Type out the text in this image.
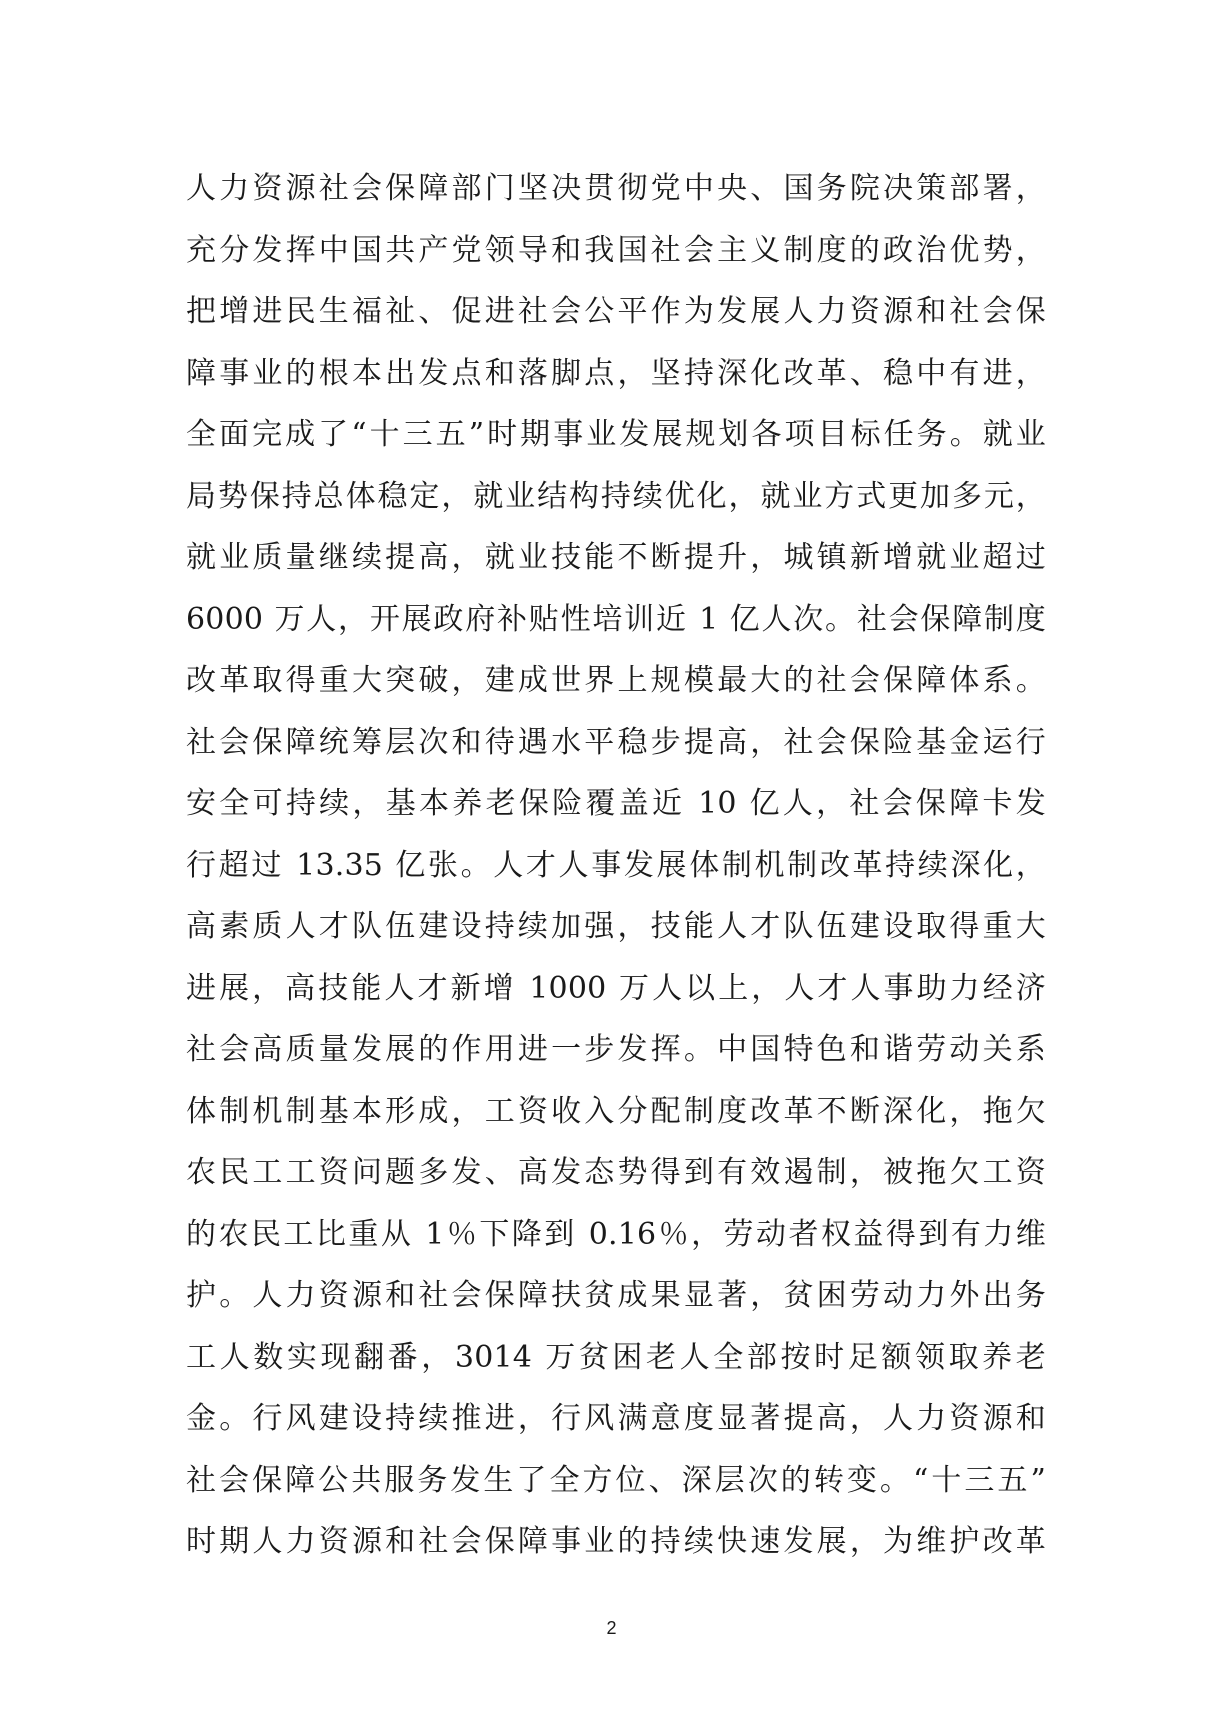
人力资源社会保障部门坚决贯彻党中央、国务院决策部署，
充分发挥中国共产党领导和我国社会主义制度的政治优势，
把增进民生福祉、促进社会公平作为发展人力资源和社会保
障事业的根本出发点和落脚点，坚持深化改革、稳中有进，
全面完成了“十三五”时期事业发展规划各项目标任务。就业
局势保持总体稳定，就业结构持续优化，就业方式更加多元，
就业质量继续提高，就业技能不断提升，城镇新增就业超过
6000 万人，开展政府补贴性培训近 1 亿人次。社会保障制度
改革取得重大突破，建成世界上规模最大的社会保障体系。
社会保障统筹层次和待遇水平稳步提高，社会保险基金运行
安全可持续，基本养老保险覆盖近 10 亿人，社会保障卡发
行超过 13.35 亿张。人才人事发展体制机制改革持续深化，
高素质人才队伍建设持续加强，技能人才队伍建设取得重大
进展，高技能人才新增 1000 万人以上，人才人事助力经济
社会高质量发展的作用进一步发挥。中国特色和谐劳动关系
体制机制基本形成，工资收入分配制度改革不断深化，拖欠
农民工工资问题多发、高发态势得到有效遏制，被拖欠工资
的农民工比重从 1％下降到 0.16％，劳动者权益得到有力维
护。人力资源和社会保障扶贫成果显著，贫困劳动力外出务
工人数实现翻番，3014 万贫困老人全部按时足额领取养老
金。行风建设持续推进，行风满意度显著提高，人力资源和
社会保障公共服务发生了全方位、深层次的转变。“十三五”
时期人力资源和社会保障事业的持续快速发展，为维护改革
2
